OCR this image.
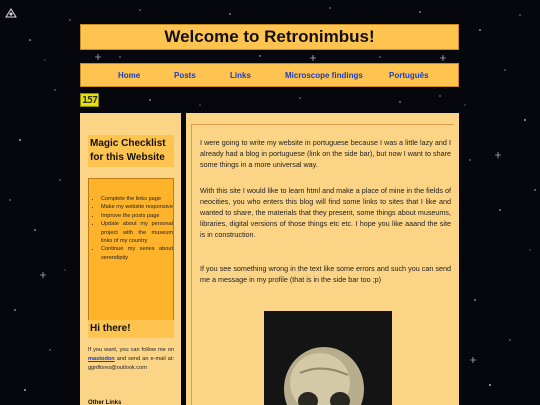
Welcome to Retronimbus!
Home	Posts	Links	Microscope findings	Português
157
Magic Checklist for this Website
• Complete the links page
• Make my website responsive
• Improve the posts page
• Update about my personal project with the museum links of my country
• Continue my series about serendipity
Hi there!
If you want, you can follow me on mastodon and send an e-mail at: ggnflores@outlook.com
Other Links

I were going to write my website in portuguese because I was a little lazy and I already had a blog in portuguese (link on the side bar), but now I want to share some things in a more universal way.

With this site I would like to learn html and make a place of mine in the fields of neocities, you who enters this blog will find some links to sites that I like and wanted to share, the materials that they present, some things about museums, libraries, digital versions of those things etc etc. I hope you like aaand the site is in construction.

If you see something wrong in the text like some errors and such you can send me a message in my profile (that is in the side bar too ;p)
